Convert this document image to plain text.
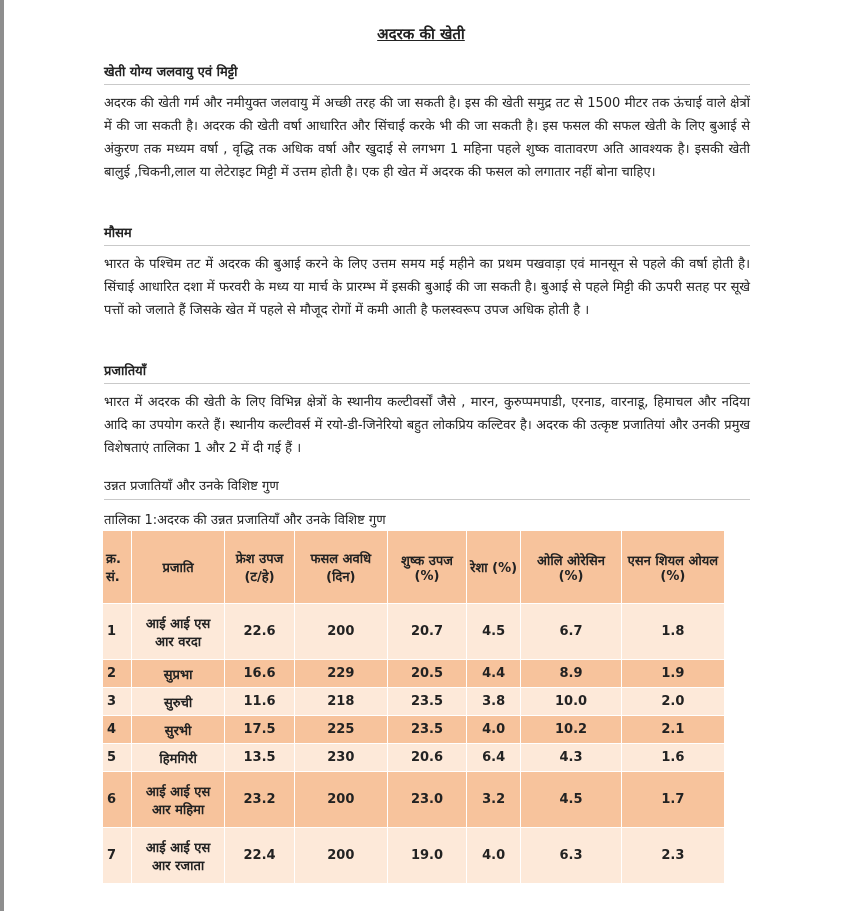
अदरक की खेती
खेती योग्य जलवायु एवं मिट्टी

अदरक की खेती गर्म और नमीयुक्त जलवायु में अच्छी तरह की जा सकती है। इस की खेती समुद्र तट से 1500 मीटर तक ऊंचाई वाले क्षेत्रों में की जा सकती है। अदरक की खेती वर्षा आधारित और सिंचाई करके भी की जा सकती है। इस फसल की सफल खेती के लिए बुआई से अंकुरण तक मध्यम वर्षा , वृद्धि तक अधिक वर्षा और खुदाई से लगभग 1 महिना पहले शुष्क वातावरण अति आवश्यक है। इसकी खेती बालुई ,चिकनी,लाल या लेटेराइट मिट्टी में उत्तम होती है। एक ही खेत में अदरक की फसल को लगातार नहीं बोना चाहिए।

मौसम

भारत के पश्चिम तट में अदरक की बुआई करने के लिए उत्तम समय मई महीने का प्रथम पखवाड़ा एवं मानसून से पहले की वर्षा होती है। सिंचाई आधारित दशा में फरवरी के मध्य या मार्च के प्रारम्भ में इसकी बुआई की जा सकती है। बुआई से पहले मिट्टी की ऊपरी सतह पर सूखे पत्तों को जलाते हैं जिसके खेत में पहले से मौजूद रोगों में कमी आती है फलस्वरूप उपज अधिक होती है ।

प्रजातियाँ

भारत में अदरक की खेती के लिए विभिन्न क्षेत्रों के स्थानीय कल्टीवर्सों जैसे , मारन, कुरुप्पमपाडी, एरनाड, वारनाडू, हिमाचल और नदिया आदि का उपयोग करते हैं। स्थानीय कल्टीवर्स में रयो-डी-जिनेरियो बहुत लोकप्रिय कल्टिवर है। अदरक की उत्कृष्ट प्रजातियां और उनकी प्रमुख विशेषताएं तालिका 1 और 2 में दी गई हैं ।

उन्नत प्रजातियाँ और उनके विशिष्ट गुण
तालिका 1:अदरक की उन्नत प्रजातियाँ और उनके विशिष्ट गुण
क्र. सं.	प्रजाति	फ्रेश उपज (ट/हे)	फसल अवधि (दिन)	शुष्क उपज (%)	रेशा (%)	ओलि ओरेसिन (%)	एसन शियल ओयल (%)
1	आई आई एस आर वरदा	22.6	200	20.7	4.5	6.7	1.8
2	सुप्रभा	16.6	229	20.5	4.4	8.9	1.9
3	सुरुची	11.6	218	23.5	3.8	10.0	2.0
4	सुरभी	17.5	225	23.5	4.0	10.2	2.1
5	हिमगिरी	13.5	230	20.6	6.4	4.3	1.6
6	आई आई एस आर महिमा	23.2	200	23.0	3.2	4.5	1.7
7	आई आई एस आर रजाता	22.4	200	19.0	4.0	6.3	2.3
